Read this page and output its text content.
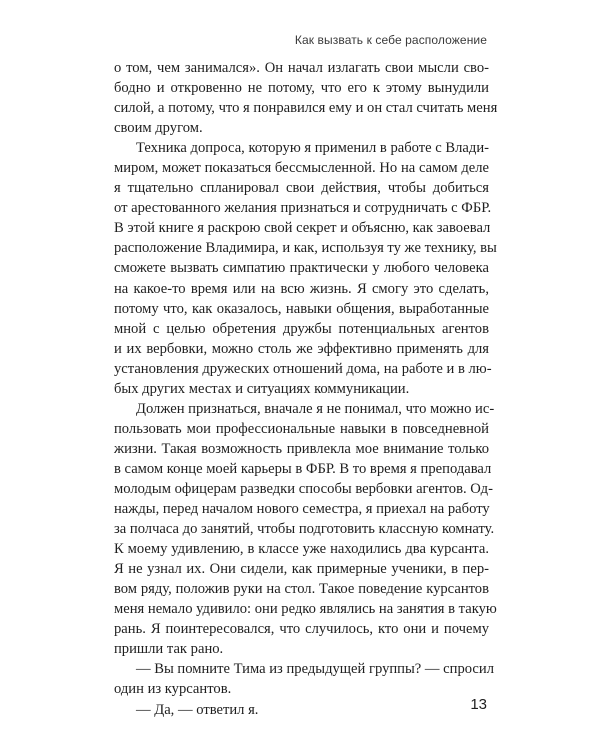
Как вызвать к себе расположение
о том, чем занимался». Он начал излагать свои мысли сво-
бодно и откровенно не потому, что его к этому вынудили
силой, а потому, что я понравился ему и он стал считать меня
своим другом.
Техника допроса, которую я применил в работе с Влади-
миром, может показаться бессмысленной. Но на самом деле
я тщательно спланировал свои действия, чтобы добиться
от арестованного желания признаться и сотрудничать с ФБР.
В этой книге я раскрою свой секрет и объясню, как завоевал
расположение Владимира, и как, используя ту же технику, вы
сможете вызвать симпатию практически у любого человека
на какое-то время или на всю жизнь. Я смогу это сделать,
потому что, как оказалось, навыки общения, выработанные
мной с целью обретения дружбы потенциальных агентов
и их вербовки, можно столь же эффективно применять для
установления дружеских отношений дома, на работе и в лю-
бых других местах и ситуациях коммуникации.
Должен признаться, вначале я не понимал, что можно ис-
пользовать мои профессиональные навыки в повседневной
жизни. Такая возможность привлекла мое внимание только
в самом конце моей карьеры в ФБР. В то время я преподавал
молодым офицерам разведки способы вербовки агентов. Од-
нажды, перед началом нового семестра, я приехал на работу
за полчаса до занятий, чтобы подготовить классную комнату.
К моему удивлению, в классе уже находились два курсанта.
Я не узнал их. Они сидели, как примерные ученики, в пер-
вом ряду, положив руки на стол. Такое поведение курсантов
меня немало удивило: они редко являлись на занятия в такую
рань. Я поинтересовался, что случилось, кто они и почему
пришли так рано.
— Вы помните Тима из предыдущей группы? — спросил
один из курсантов.
— Да, — ответил я.	13
